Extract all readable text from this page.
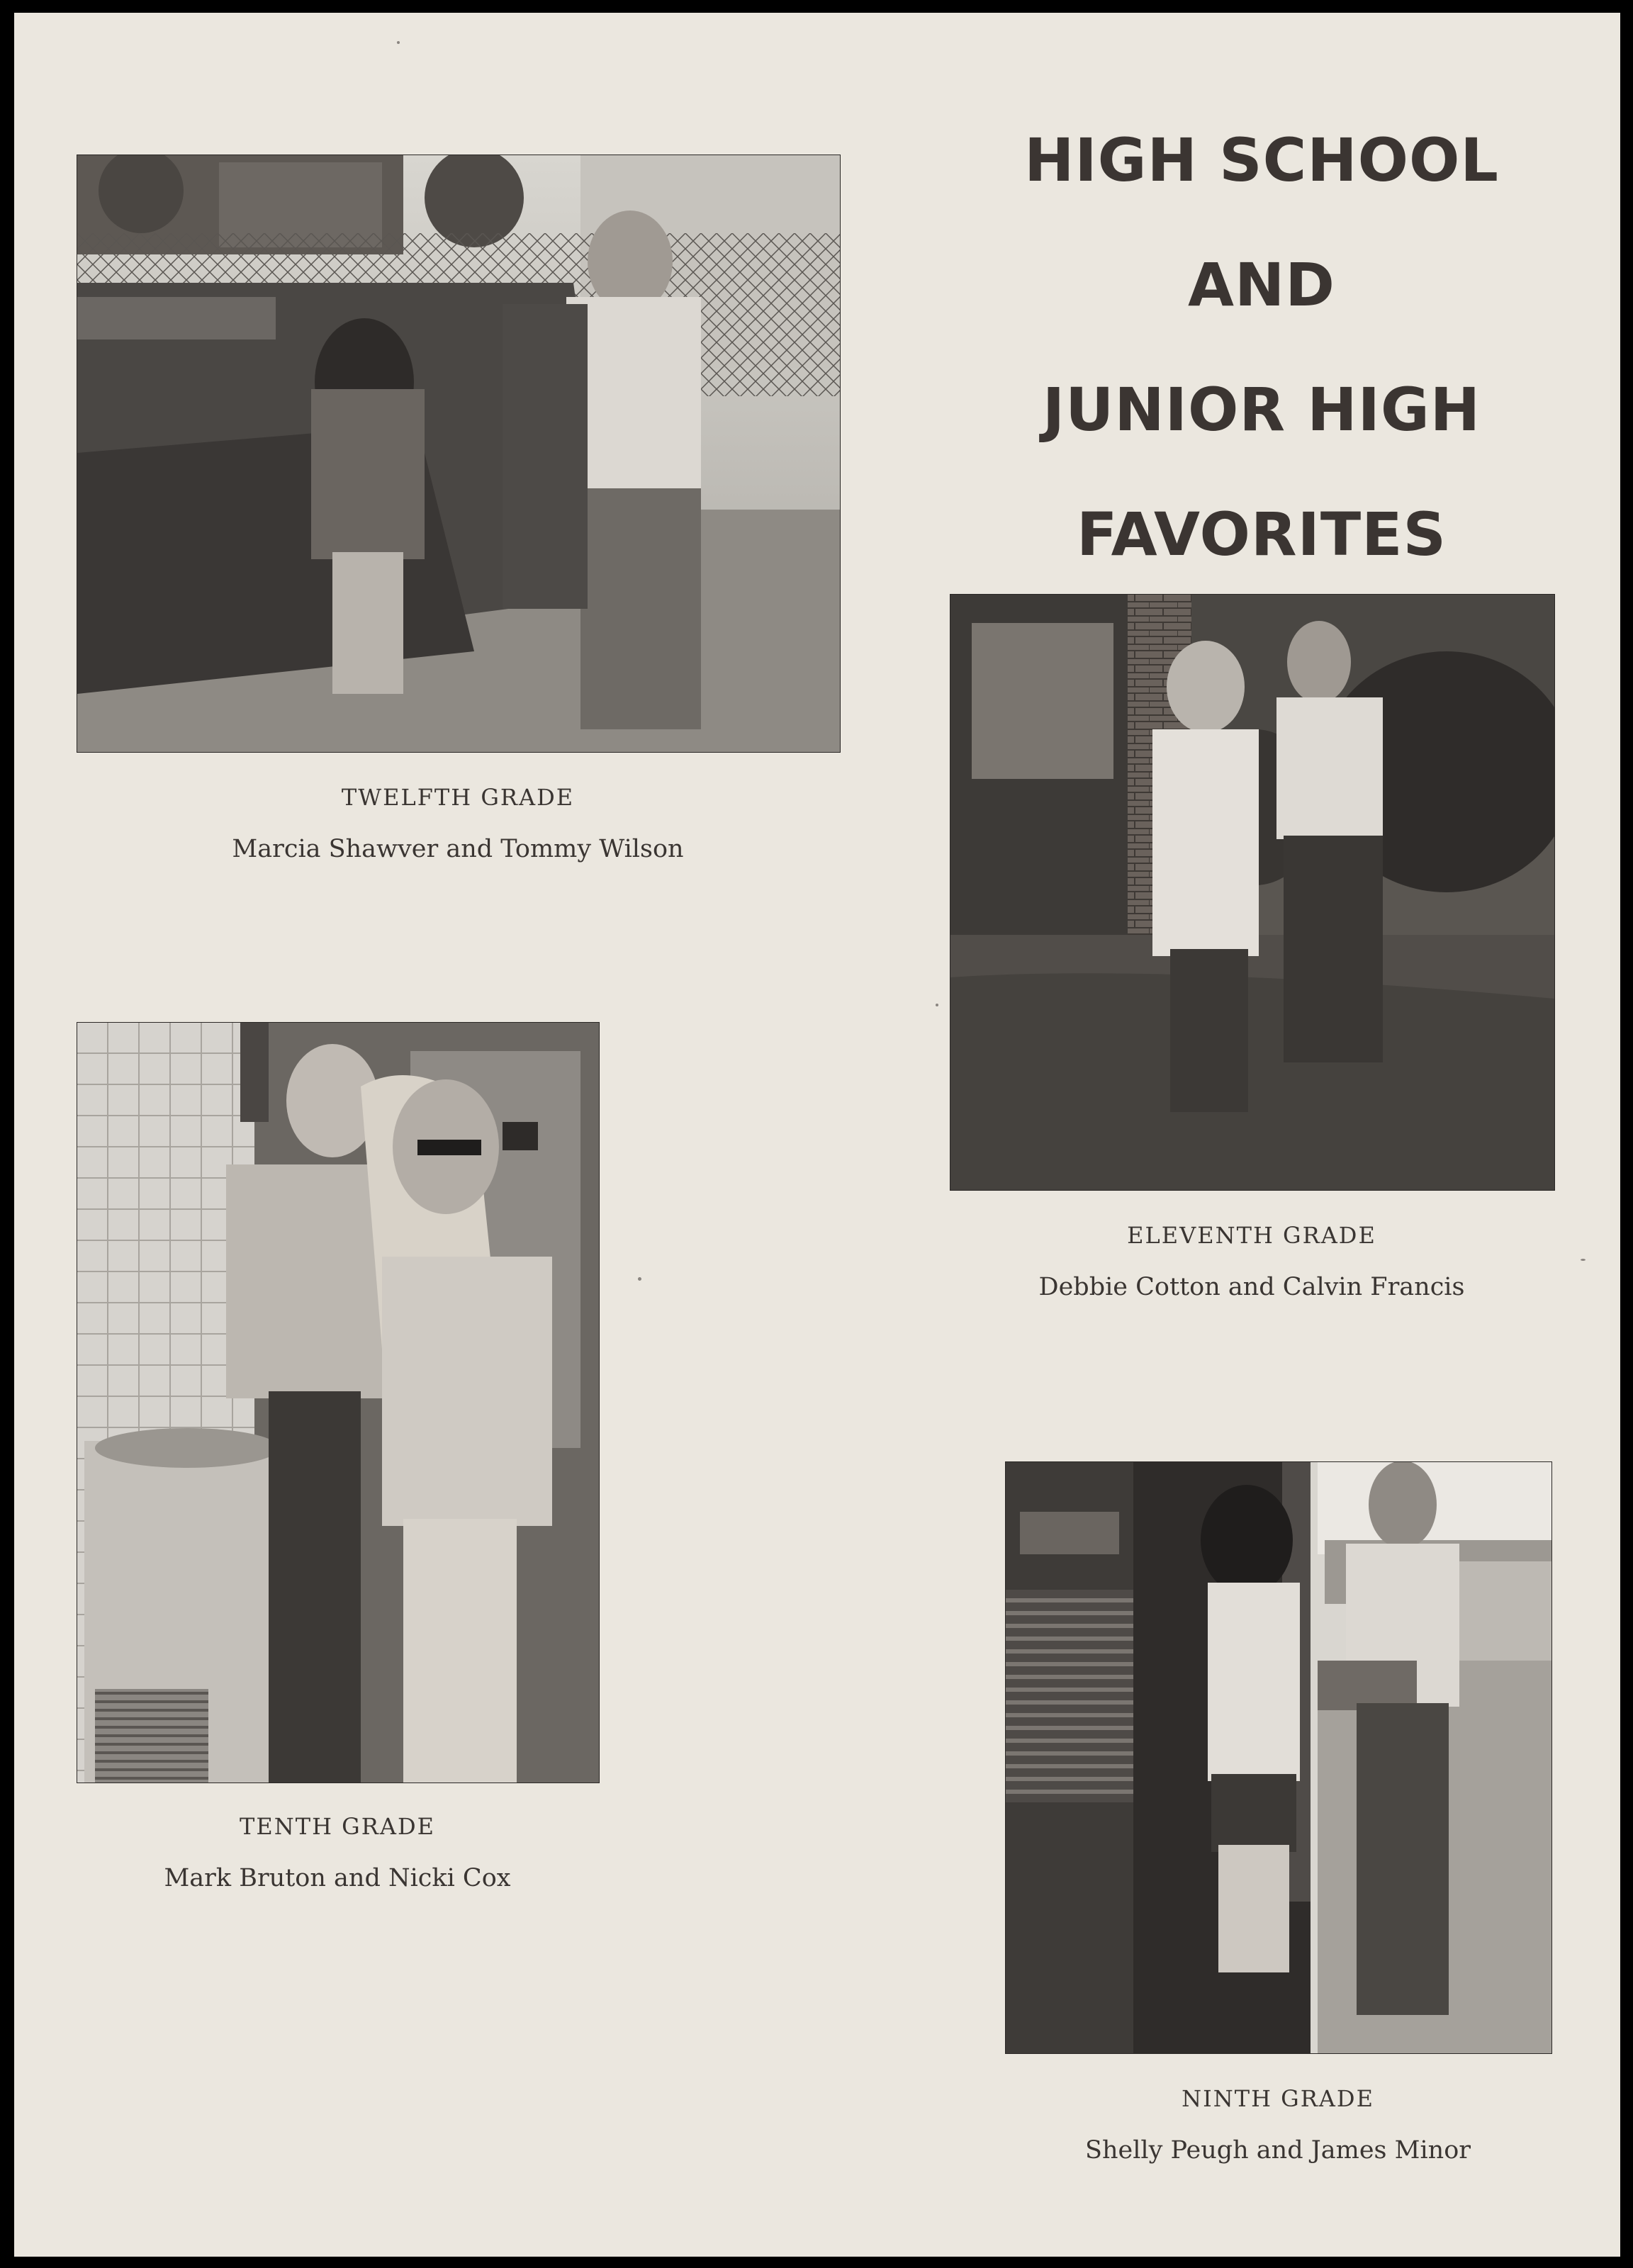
HIGH SCHOOL
AND
JUNIOR HIGH
FAVORITES
TWELFTH GRADE
Marcia Shawver and Tommy Wilson
ELEVENTH GRADE
Debbie Cotton and Calvin Francis
TENTH GRADE
Mark Bruton and Nicki Cox
NINTH GRADE
Shelly Peugh and James Minor
